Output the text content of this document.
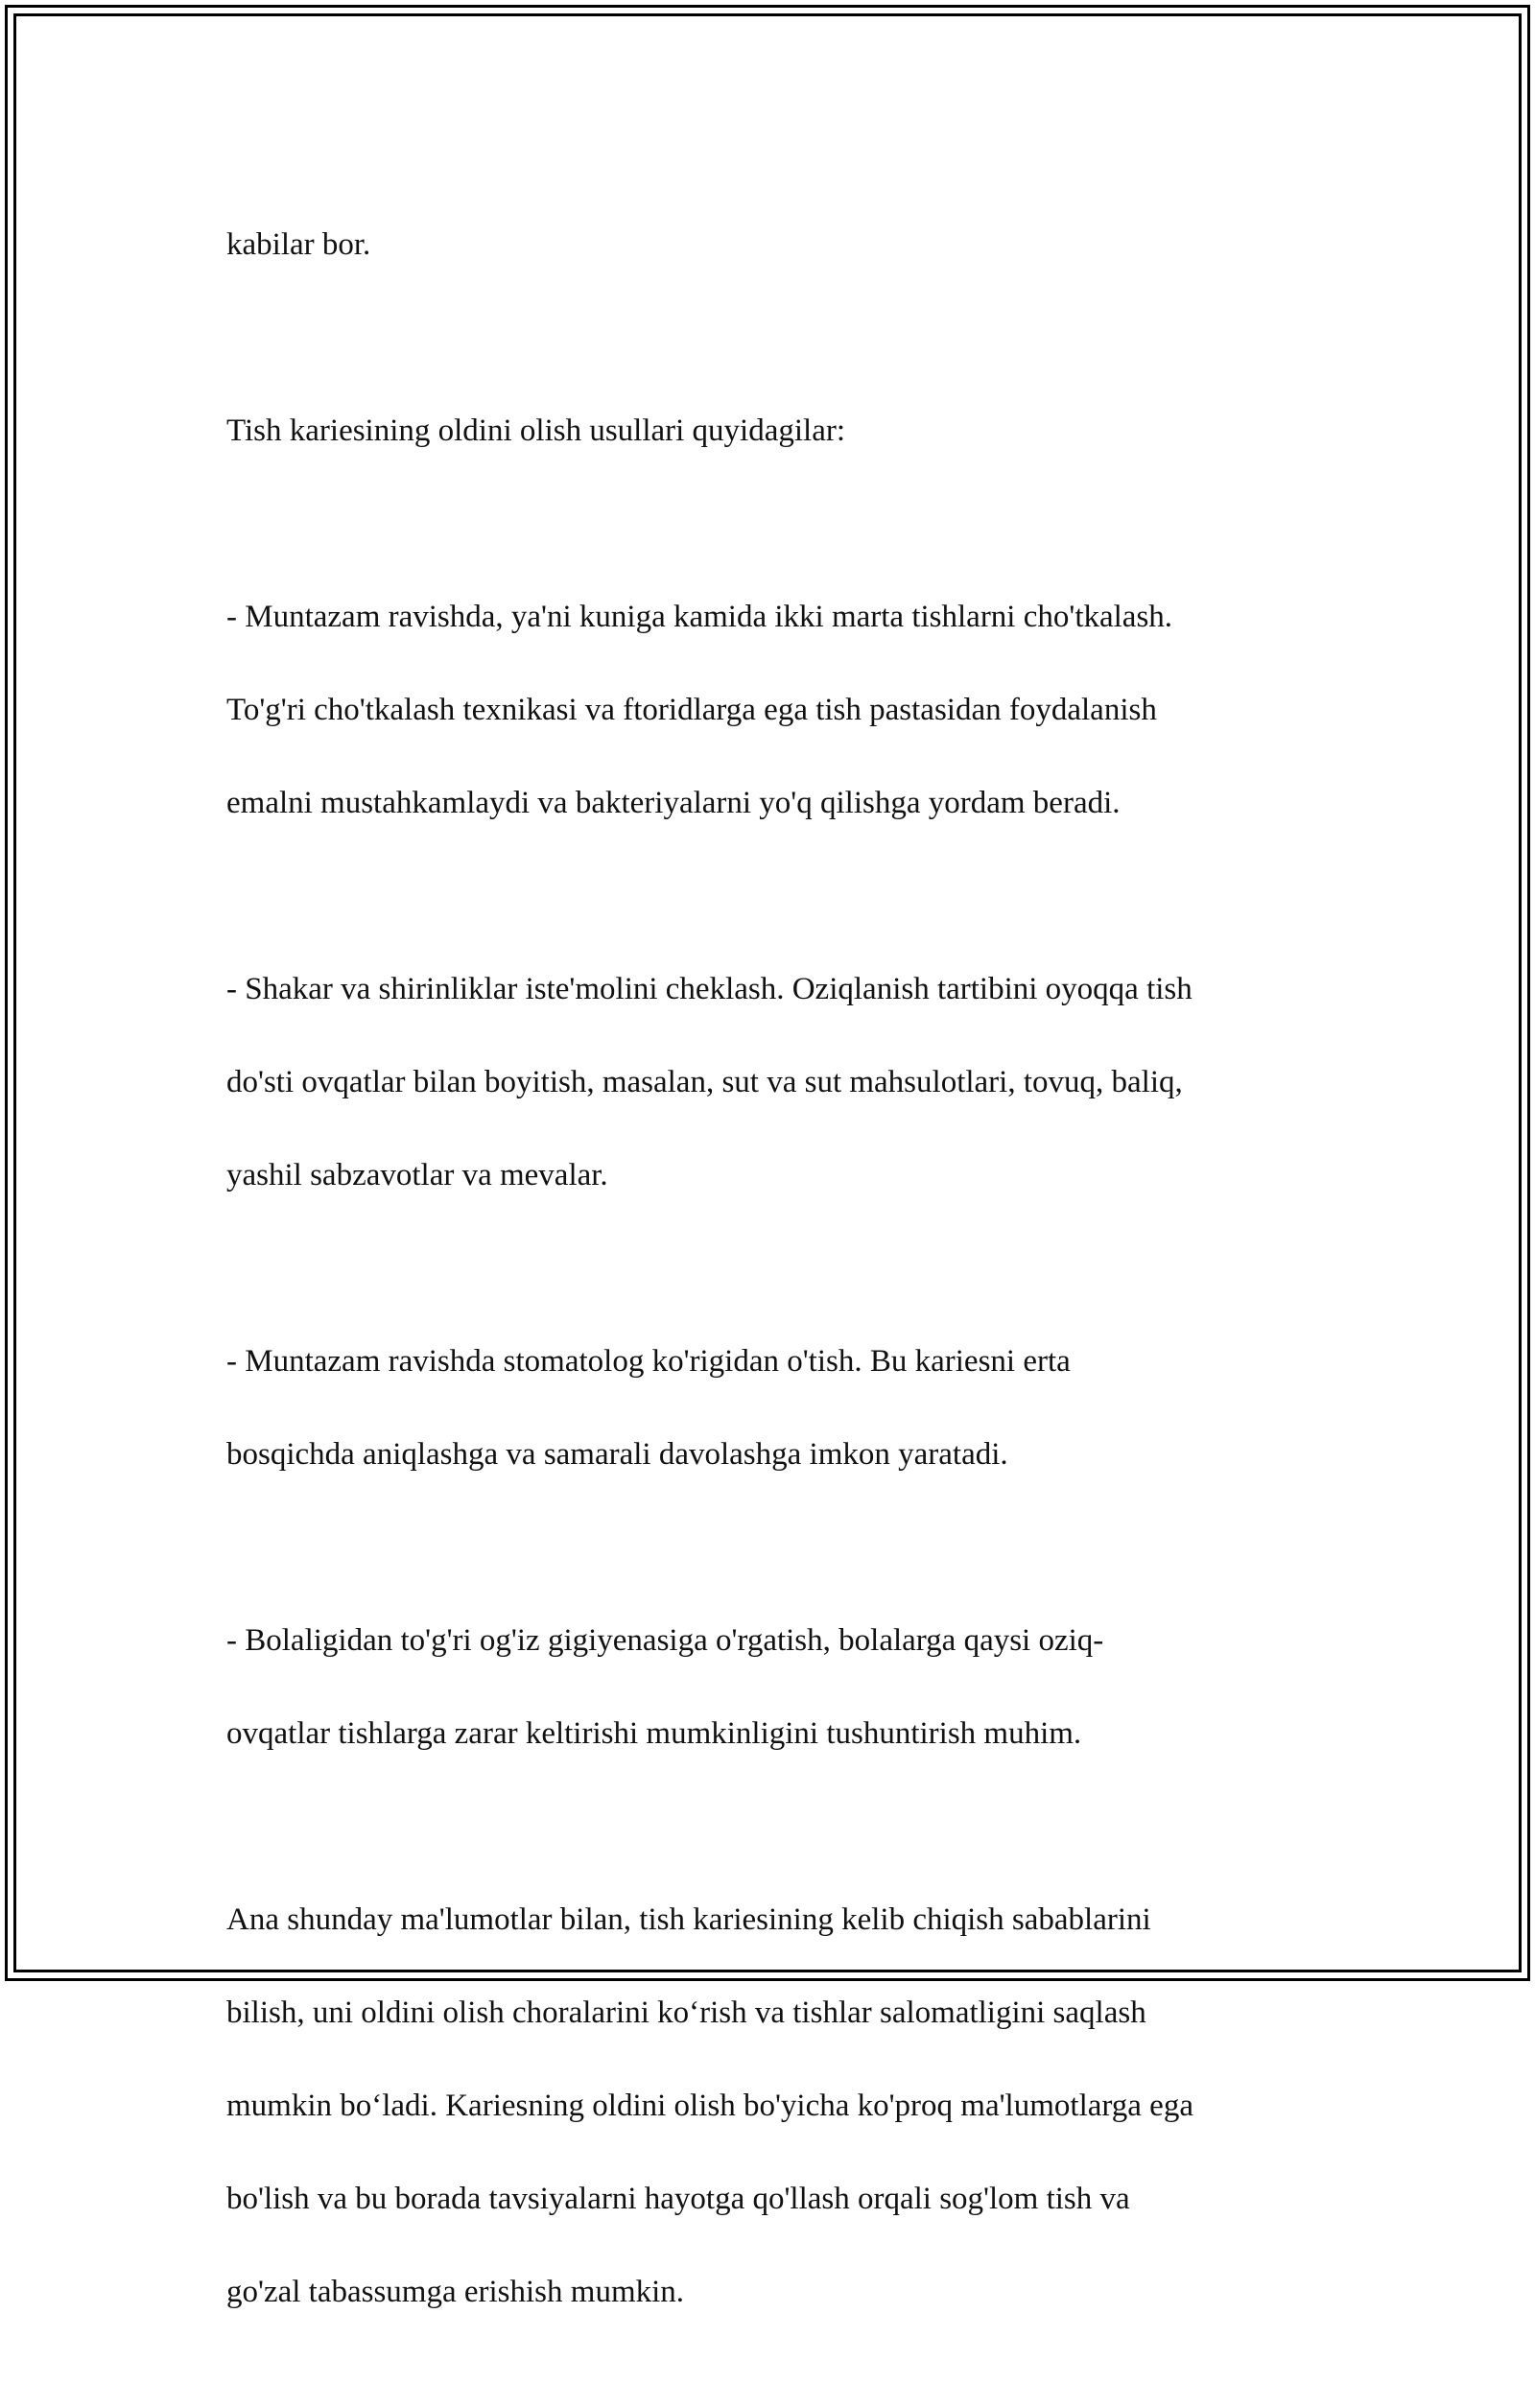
kabilar bor.

Tish kariesining oldini olish usullari quyidagilar:

- Muntazam ravishda, ya'ni kuniga kamida ikki marta tishlarni cho'tkalash.

To'g'ri cho'tkalash texnikasi va ftoridlarga ega tish pastasidan foydalanish

emalni mustahkamlaydi va bakteriyalarni yo'q qilishga yordam beradi.

- Shakar va shirinliklar iste'molini cheklash. Oziqlanish tartibini oyoqqa tish

do'sti ovqatlar bilan boyitish, masalan, sut va sut mahsulotlari, tovuq, baliq,

yashil sabzavotlar va mevalar.

- Muntazam ravishda stomatolog ko'rigidan o'tish. Bu kariesni erta

bosqichda aniqlashga va samarali davolashga imkon yaratadi.

- Bolaligidan to'g'ri og'iz gigiyenasiga o'rgatish, bolalarga qaysi oziq-

ovqatlar tishlarga zarar keltirishi mumkinligini tushuntirish muhim.

Ana shunday ma'lumotlar bilan, tish kariesining kelib chiqish sabablarini

bilish, uni oldini olish choralarini ko‘rish va tishlar salomatligini saqlash

mumkin bo‘ladi. Kariesning oldini olish bo'yicha ko'proq ma'lumotlarga ega

bo'lish va bu borada tavsiyalarni hayotga qo'llash orqali sog'lom tish va

go'zal tabassumga erishish mumkin.
